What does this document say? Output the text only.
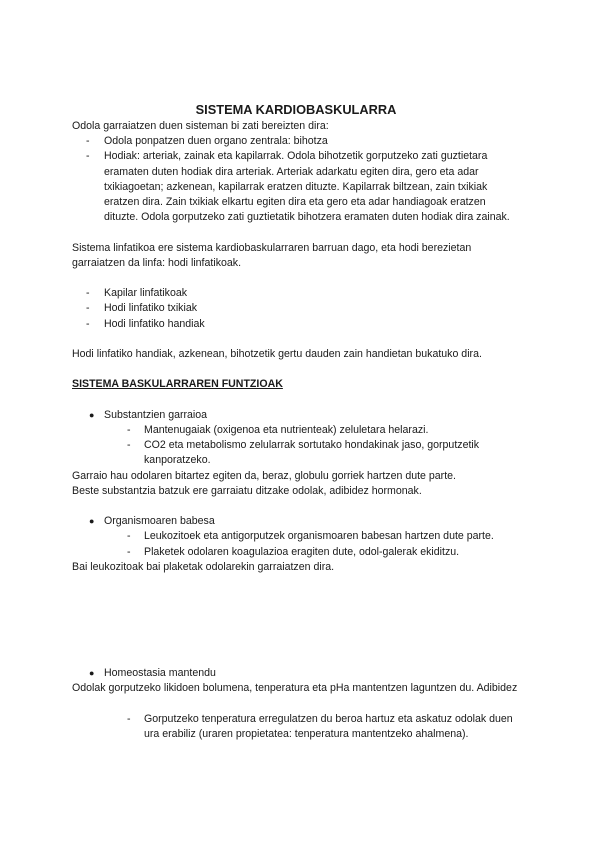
SISTEMA KARDIOBASKULARRA

Odola garraiatzen duen sisteman bi zati bereizten dira:

- Odola ponpatzen duen organo zentrala: bihotza
- Hodiak: arteriak, zainak eta kapilarrak. Odola bihotzetik gorputzeko zati guztietara eramaten duten hodiak dira arteriak. Arteriak adarkatu egiten dira, gero eta adar txikiagoetan; azkenean, kapilarrak eratzen dituzte. Kapilarrak biltzean, zain txikiak eratzen dira. Zain txikiak elkartu egiten dira eta gero eta adar handiagoak eratzen dituzte. Odola gorputzeko zati guztietatik bihotzera eramaten duten hodiak dira zainak.

Sistema linfatikoa ere sistema kardiobaskularraren barruan dago, eta hodi berezietan garraiatzen da linfa: hodi linfatikoak.

- Kapilar linfatikoak
- Hodi linfatiko txikiak
- Hodi linfatiko handiak

Hodi linfatiko handiak, azkenean, bihotzetik gertu dauden zain handietan bukatuko dira.

SISTEMA BASKULARRAREN FUNTZIOAK

● Substantzien garraioa
- Mantenugaiak (oxigenoa eta nutrienteak) zeluletara helarazi.
- CO2 eta metabolismo zelularrak sortutako hondakinak jaso, gorputzetik kanporatzeko.

Garraio hau odolaren bitartez egiten da, beraz, globulu gorriek hartzen dute parte.

Beste substantzia batzuk ere garraiatu ditzake odolak, adibidez hormonak.

● Organismoaren babesa
- Leukozitoek eta antigorputzek organismoaren babesan hartzen dute parte.
- Plaketek odolaren koagulazioa eragiten dute, odol-galerak ekiditzu.

Bai leukozitoak bai plaketak odolarekin garraiatzen dira.

● Homeostasia mantendu

Odolak gorputzeko likidoen bolumena, tenperatura eta pHa mantentzen laguntzen du. Adibidez

- Gorputzeko tenperatura erregulatzen du beroa hartuz eta askatuz odolak duen ura erabiliz (uraren propietatea: tenperatura mantentzeko ahalmena).
